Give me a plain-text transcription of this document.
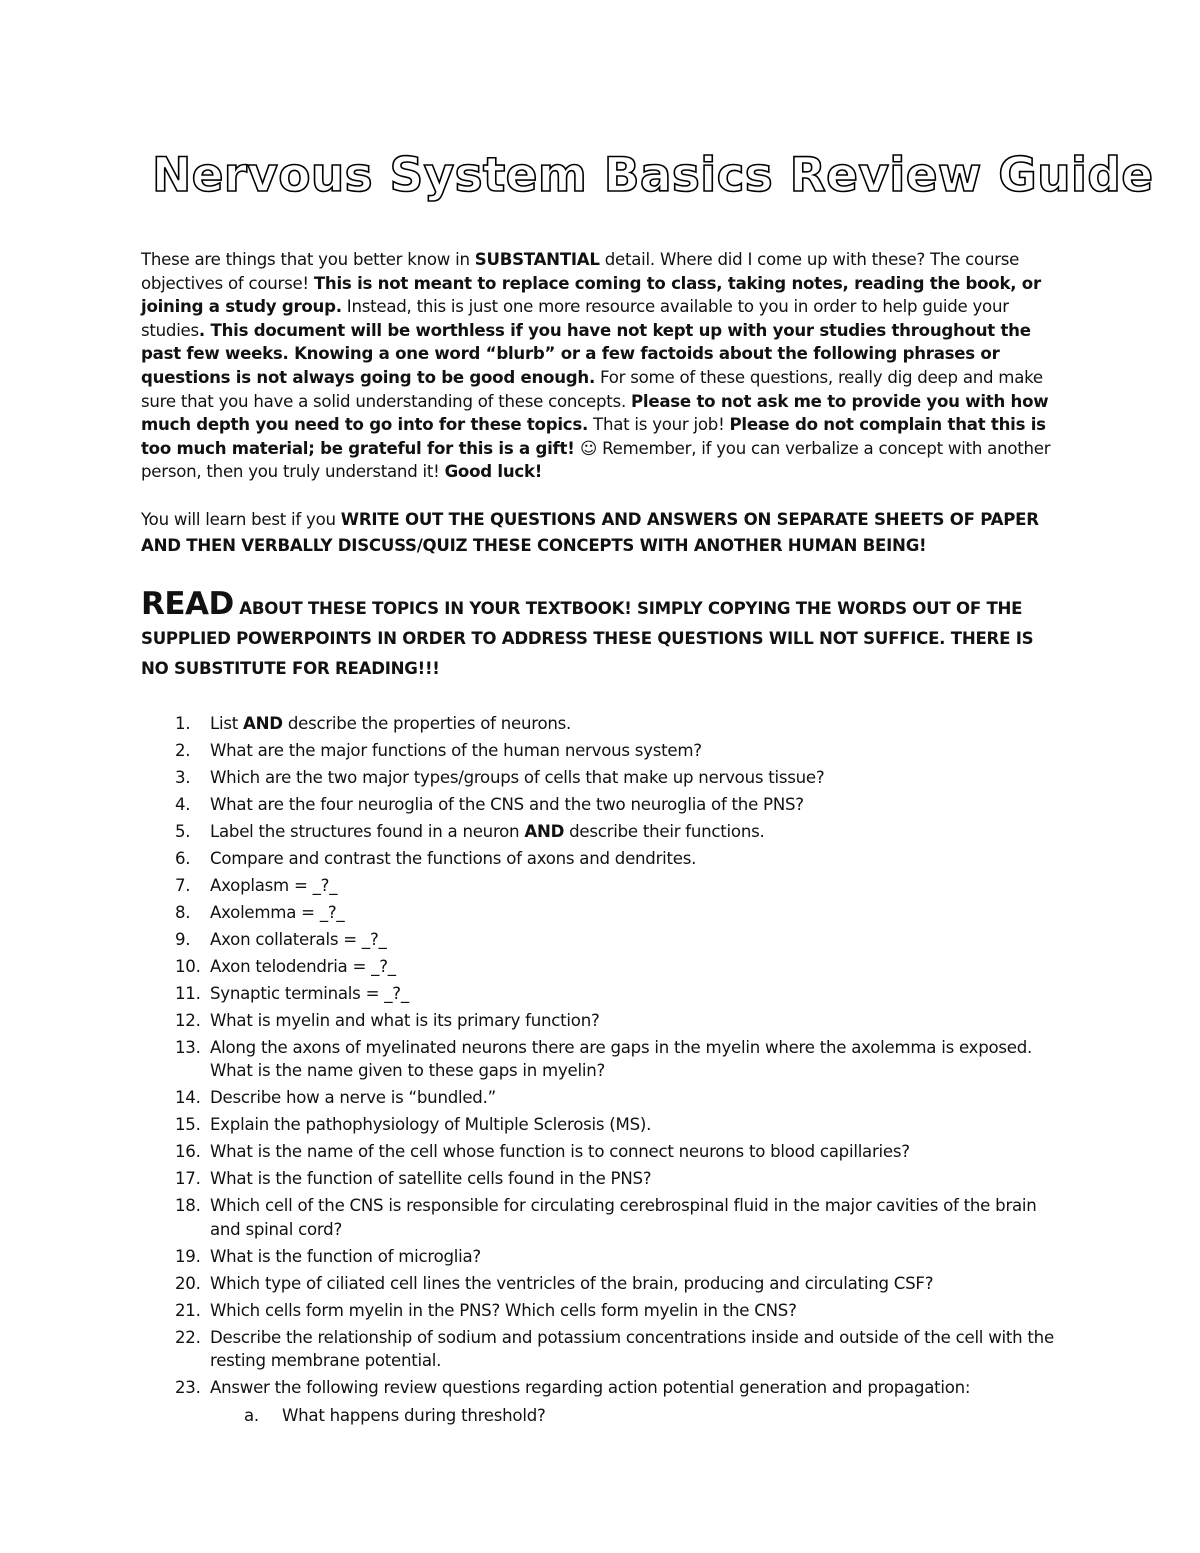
Nervous System Basics Review Guide

These are things that you better know in SUBSTANTIAL detail. Where did I come up with these? The course objectives of course! This is not meant to replace coming to class, taking notes, reading the book, or joining a study group. Instead, this is just one more resource available to you in order to help guide your studies. This document will be worthless if you have not kept up with your studies throughout the past few weeks. Knowing a one word “blurb” or a few factoids about the following phrases or questions is not always going to be good enough. For some of these questions, really dig deep and make sure that you have a solid understanding of these concepts. Please to not ask me to provide you with how much depth you need to go into for these topics. That is your job! Please do not complain that this is too much material; be grateful for this is a gift! ☺ Remember, if you can verbalize a concept with another person, then you truly understand it! Good luck!

You will learn best if you WRITE OUT THE QUESTIONS AND ANSWERS ON SEPARATE SHEETS OF PAPER AND THEN VERBALLY DISCUSS/QUIZ THESE CONCEPTS WITH ANOTHER HUMAN BEING!

READ ABOUT THESE TOPICS IN YOUR TEXTBOOK! SIMPLY COPYING THE WORDS OUT OF THE SUPPLIED POWERPOINTS IN ORDER TO ADDRESS THESE QUESTIONS WILL NOT SUFFICE. THERE IS NO SUBSTITUTE FOR READING!!!

1. List AND describe the properties of neurons.
2. What are the major functions of the human nervous system?
3. Which are the two major types/groups of cells that make up nervous tissue?
4. What are the four neuroglia of the CNS and the two neuroglia of the PNS?
5. Label the structures found in a neuron AND describe their functions.
6. Compare and contrast the functions of axons and dendrites.
7. Axoplasm = _?_
8. Axolemma = _?_
9. Axon collaterals = _?_
10. Axon telodendria = _?_
11. Synaptic terminals = _?_
12. What is myelin and what is its primary function?
13. Along the axons of myelinated neurons there are gaps in the myelin where the axolemma is exposed. What is the name given to these gaps in myelin?
14. Describe how a nerve is “bundled.”
15. Explain the pathophysiology of Multiple Sclerosis (MS).
16. What is the name of the cell whose function is to connect neurons to blood capillaries?
17. What is the function of satellite cells found in the PNS?
18. Which cell of the CNS is responsible for circulating cerebrospinal fluid in the major cavities of the brain and spinal cord?
19. What is the function of microglia?
20. Which type of ciliated cell lines the ventricles of the brain, producing and circulating CSF?
21. Which cells form myelin in the PNS? Which cells form myelin in the CNS?
22. Describe the relationship of sodium and potassium concentrations inside and outside of the cell with the resting membrane potential.
23. Answer the following review questions regarding action potential generation and propagation:
a. What happens during threshold?
